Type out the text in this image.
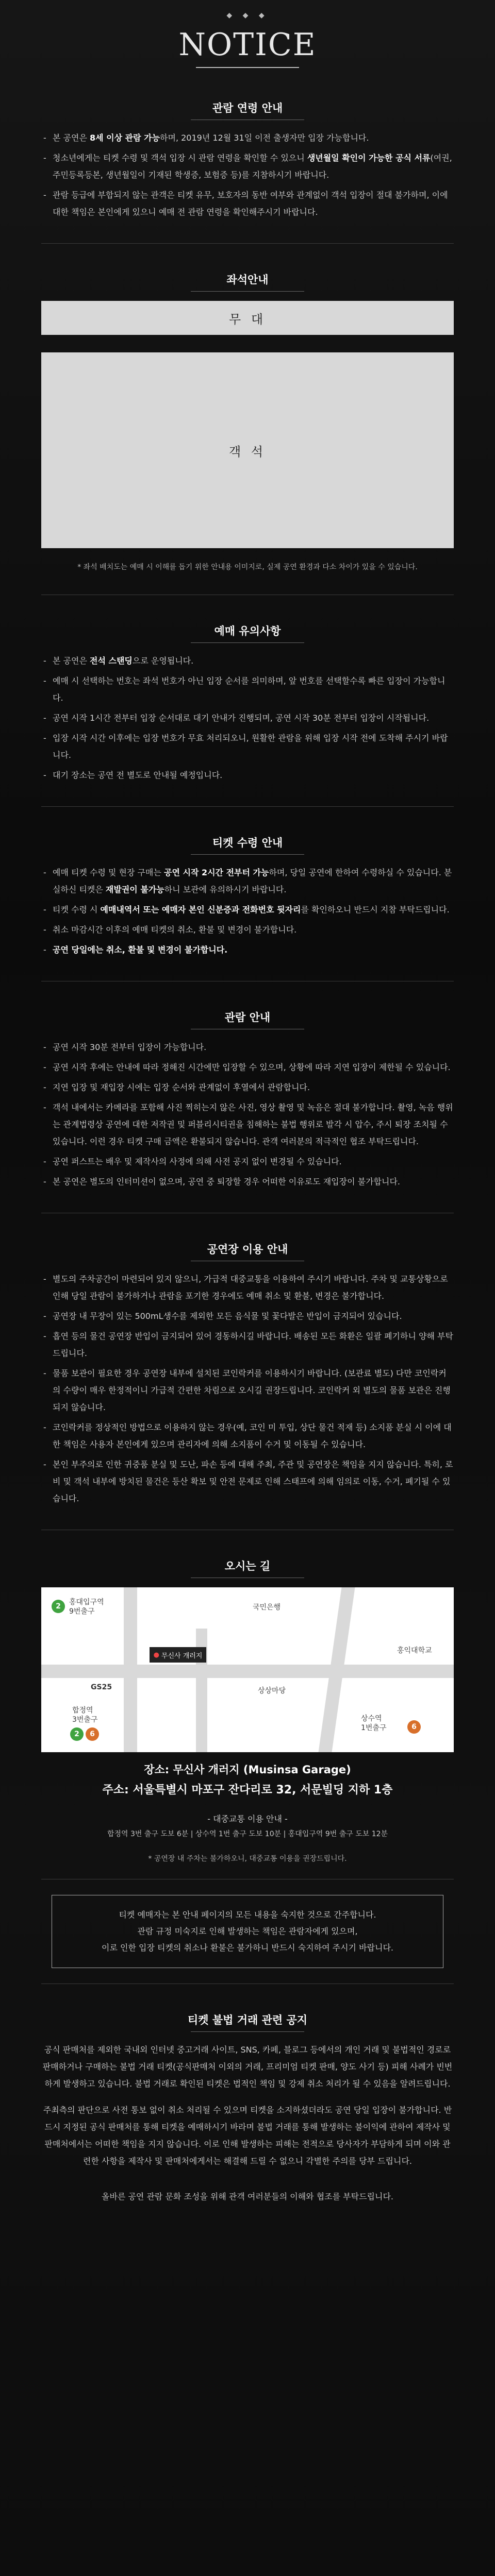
◆ ◆ ◆
NOTICE
관람 연령 안내
- 본 공연은 8세 이상 관람 가능하며, 2019년 12월 31일 이전 출생자만 입장 가능합니다.
- 청소년에게는 티켓 수령 및 객석 입장 시 관람 연령을 확인할 수 있으니 생년월일 확인이 가능한 공식 서류(여권, 주민등록등본, 생년월일이 기재된 학생증, 보험증 등)를 지참하시기 바랍니다.
- 관람 등급에 부합되지 않는 관객은 티켓 유무, 보호자의 동반 여부와 관계없이 객석 입장이 절대 불가하며, 이에 대한 책임은 본인에게 있으니 예매 전 관람 연령을 확인해주시기 바랍니다.
좌석안내
무 대
객 석
* 좌석 배치도는 예매 시 이해를 돕기 위한 안내용 이미지로, 실제 공연 환경과 다소 차이가 있을 수 있습니다.
예매 유의사항
- 본 공연은 전석 스탠딩으로 운영됩니다.
- 예매 시 선택하는 번호는 좌석 번호가 아닌 입장 순서를 의미하며, 앞 번호를 선택할수록 빠른 입장이 가능합니다.
- 공연 시작 1시간 전부터 입장 순서대로 대기 안내가 진행되며, 공연 시작 30분 전부터 입장이 시작됩니다.
- 입장 시작 시간 이후에는 입장 번호가 무효 처리되오니, 원활한 관람을 위해 입장 시작 전에 도착해 주시기 바랍니다.
- 대기 장소는 공연 전 별도로 안내될 예정입니다.
티켓 수령 안내
- 예매 티켓 수령 및 현장 구매는 공연 시작 2시간 전부터 가능하며, 당일 공연에 한하여 수령하실 수 있습니다. 분실하신 티켓은 재발권이 불가능하니 보관에 유의하시기 바랍니다.
- 티켓 수령 시 예매내역서 또는 예매자 본인 신분증과 전화번호 뒷자리를 확인하오니 반드시 지참 부탁드립니다.
- 취소 마감시간 이후의 예매 티켓의 취소, 환불 및 변경이 불가합니다.
- 공연 당일에는 취소, 환불 및 변경이 불가합니다.
관람 안내
- 공연 시작 30분 전부터 입장이 가능합니다.
- 공연 시작 후에는 안내에 따라 정해진 시간에만 입장할 수 있으며, 상황에 따라 지연 입장이 제한될 수 있습니다.
- 지연 입장 및 재입장 시에는 입장 순서와 관계없이 후열에서 관람합니다.
- 객석 내에서는 카메라를 포함해 사진 찍히는지 않은 사진, 영상 촬영 및 녹음은 절대 불가합니다. 촬영, 녹음 행위는 관계법령상 공연에 대한 저작권 및 퍼블리시티권을 침해하는 불법 행위로 발각 시 압수, 주시 퇴장 조치될 수 있습니다. 이런 경우 티켓 구매 금액은 환불되지 않습니다. 관객 여러분의 적극적인 협조 부탁드립니다.
- 공연 퍼스트는 배우 및 제작사의 사정에 의해 사전 공지 없이 변경될 수 있습니다.
- 본 공연은 별도의 인터미션이 없으며, 공연 중 퇴장할 경우 어떠한 이유로도 재입장이 불가합니다.
공연장 이용 안내
- 별도의 주차공간이 마련되어 있지 않으니, 가급적 대중교통을 이용하여 주시기 바랍니다. 주차 및 교통상황으로 인해 당일 관람이 불가하거나 관람을 포기한 경우에도 예매 취소 및 환불, 변경은 불가합니다.
- 공연장 내 무장이 있는 500mL생수를 제외한 모든 음식물 및 꽃다발은 반입이 금지되어 있습니다.
- 흡연 등의 물건 공연장 반입이 금지되어 있어 경동하시길 바랍니다. 배송된 모든 화환은 일괄 폐기하니 양해 부탁드립니다.
- 물품 보관이 필요한 경우 공연장 내부에 설치된 코인락커를 이용하시기 바랍니다. (보관료 별도) 다만 코인락커의 수량이 매우 한정적이니 가급적 간편한 차림으로 오시길 권장드립니다. 코인락커 외 별도의 물품 보관은 진행되지 않습니다.
- 코인락커를 정상적인 방법으로 이용하지 않는 경우(예, 코인 미 투입, 상단 물건 적재 등) 소지품 분실 시 이에 대한 책임은 사용자 본인에게 있으며 관리자에 의해 소지품이 수거 및 이동될 수 있습니다.
- 본인 부주의로 인한 귀중품 분실 및 도난, 파손 등에 대해 주최, 주관 및 공연장은 책임을 지지 않습니다. 특히, 로비 및 객석 내부에 방치된 물건은 등산 확보 및 안전 문제로 인해 스태프에 의해 임의로 이동, 수거, 폐기될 수 있습니다.
오시는 길
2	홍대입구역
9번출구	국민은행
홍익대학교
GS25
● 무신사 개러지
상상마당
합정역
3번출구
2	6
상수역
1번출구	6
장소: 무신사 개러지 (Musinsa Garage)
주소: 서울특별시 마포구 잔다리로 32, 서문빌딩 지하 1층
- 대중교통 이용 안내 -
합정역 3번 출구 도보 6분 | 상수역 1번 출구 도보 10분 | 홍대입구역 9번 출구 도보 12분
* 공연장 내 주차는 불가하오니, 대중교통 이용을 권장드립니다.
티켓 예매자는 본 안내 페이지의 모든 내용을 숙지한 것으로 간주합니다.
관람 규정 미숙지로 인해 발생하는 책임은 관람자에게 있으며,
이로 인한 입장 티켓의 취소나 환불은 불가하니 반드시 숙지하여 주시기 바랍니다.
티켓 불법 거래 관련 공지

공식 판매처를 제외한 국내외 인터넷 중고거래 사이트, SNS, 카페, 블로그 등에서의 개인 거래 및 불법적인 경로로 판매하거나 구매하는 불법 거래 티켓(공식판매처 이외의 거래, 프리미엄 티켓 판매, 양도 사기 등) 피해 사례가 빈번하게 발생하고 있습니다. 불법 거래로 확인된 티켓은 법적인 책임 및 강제 취소 처리가 될 수 있음을 알려드립니다.

주최측의 판단으로 사전 통보 없이 취소 처리될 수 있으며 티켓을 소지하셨더라도 공연 당일 입장이 불가합니다. 반드시 지정된 공식 판매처를 통해 티켓을 예매하시기 바라며 불법 거래를 통해 발생하는 불이익에 관하여 제작사 및 판매처에서는 어떠한 책임을 지지 않습니다. 이로 인해 발생하는 피해는 전적으로 당사자가 부담하게 되며 이와 관련한 사항을 제작사 및 판매처에게서는 해결해 드릴 수 없으니 각별한 주의를 당부 드립니다.

올바른 공연 관람 문화 조성을 위해 관객 여러분들의 이해와 협조를 부탁드립니다.
